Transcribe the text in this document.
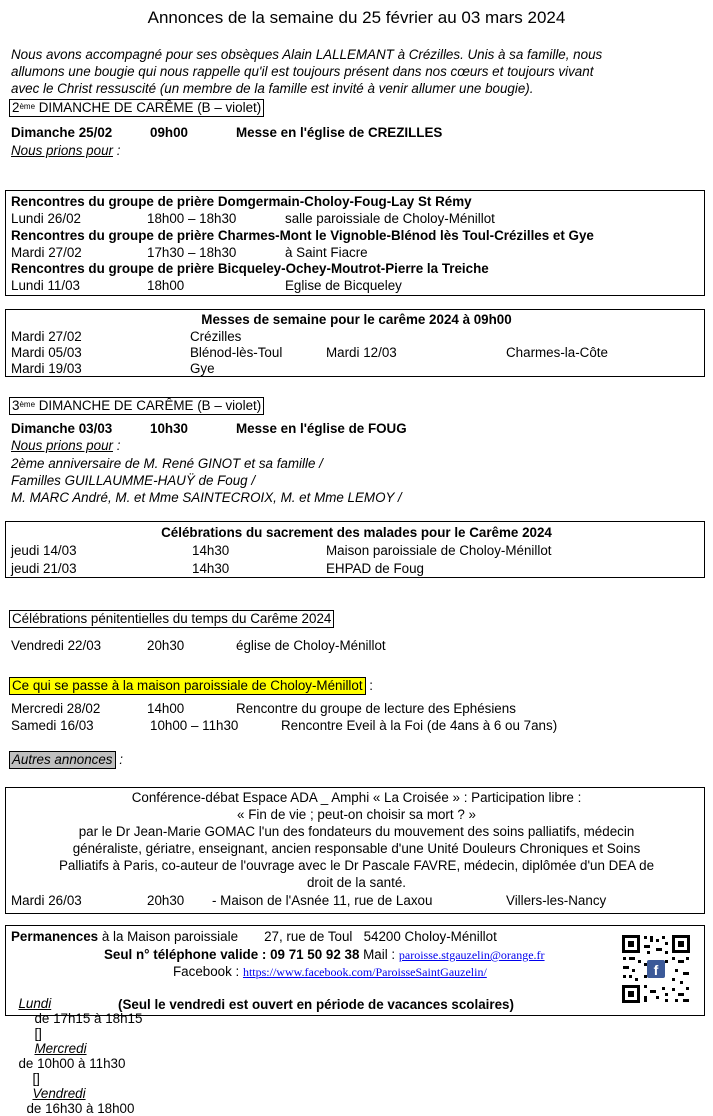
Annonces de la semaine du 25 février au 03 mars 2024
Nous avons accompagné pour ses obsèques Alain LALLEMANT à Crézilles. Unis à sa famille, nous
allumons une bougie qui nous rappelle qu'il est toujours présent dans nos cœurs et toujours vivant
avec le Christ ressuscité (un membre de la famille est invité à venir allumer une bougie).
2ème DIMANCHE DE CARÊME (B – violet)
Dimanche 25/02	09h00	Messe en l'église de CREZILLES
Nous prions pour :
Rencontres du groupe de prière Domgermain-Choloy-Foug-Lay St Rémy
Lundi 26/02	18h00 – 18h30	salle paroissiale de Choloy-Ménillot
Rencontres du groupe de prière Charmes-Mont le Vignoble-Blénod lès Toul-Crézilles et Gye
Mardi 27/02	17h30 – 18h30	à Saint Fiacre
Rencontres du groupe de prière Bicqueley-Ochey-Moutrot-Pierre la Treiche
Lundi 11/03	18h00	Eglise de Bicqueley
Messes de semaine pour le carême 2024 à 09h00
Mardi 27/02	Crézilles
Mardi 05/03	Blénod-lès-Toul	Mardi 12/03	Charmes-la-Côte
Mardi 19/03	Gye
3ème DIMANCHE DE CARÊME (B – violet)
Dimanche 03/03	10h30	Messe en l'église de FOUG
Nous prions pour :
2ème anniversaire de M. René GINOT et sa famille /
Familles GUILLAUMME-HAUŸ de Foug /
M. MARC André, M. et Mme SAINTECROIX, M. et Mme LEMOY /
Célébrations du sacrement des malades pour le Carême 2024
jeudi 14/03	14h30	Maison paroissiale de Choloy-Ménillot
jeudi 21/03	14h30	EHPAD de Foug
Célébrations pénitentielles du temps du Carême 2024
Vendredi 22/03	20h30	église de Choloy-Ménillot
Ce qui se passe à la maison paroissiale de Choloy-Ménillot :
Mercredi 28/02	14h00	Rencontre du groupe de lecture des Ephésiens
Samedi 16/03	10h00 – 11h30	Rencontre Eveil à la Foi (de 4ans à 6 ou 7ans)
Autres annonces :
Conférence-débat Espace ADA _ Amphi « La Croisée » : Participation libre :
« Fin de vie ; peut-on choisir sa mort ? »
par le Dr Jean-Marie GOMAC l'un des fondateurs du mouvement des soins palliatifs, médecin
généraliste, gériatre, enseignant, ancien responsable d'une Unité Douleurs Chroniques et Soins
Palliatifs à Paris, co-auteur de l'ouvrage avec le Dr Pascale FAVRE, médecin, diplômée d'un DEA de
droit de la santé.
Mardi 26/03	20h30 - Maison de l'Asnée 11, rue de Laxou	Villers-les-Nancy
Permanences à la Maison paroissiale       27, rue de Toul   54200 Choloy-Ménillot
Seul n° téléphone valide : 09 71 50 92 38 Mail : paroisse.stgauzelin@orange.fr
Facebook : https://www.facebook.com/ParoisseSaintGauzelin/

Lundi
de 17h15 à 18h15
[]
Mercredi
de 10h00 à 11h30
[]
Vendredi
de 16h30 à 18h00

(Seul le vendredi est ouvert en période de vacances scolaires)
f
